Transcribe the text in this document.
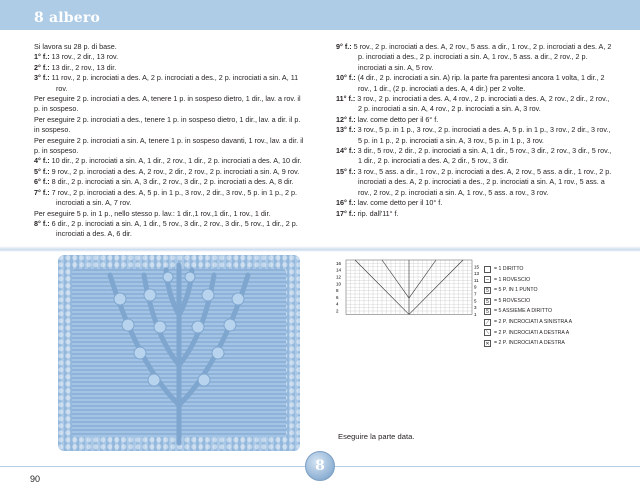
8 albero

Si lavora su 28 p. di base.

1° f.: 13 rov., 2 dir., 13 rov.

2° f.: 13 dir., 2 rov., 13 dir.

3° f.: 11 rov., 2 p. incrociati a des. A, 2 p. incrociati a des., 2 p. incrociati a sin. A, 11 rov.

Per eseguire 2 p. incrociati a des. A, tenere 1 p. in sospeso dietro, 1 dir., lav. a rov. il p. in sospeso.

Per eseguire 2 p. incrociati a des., tenere 1 p. in sospeso dietro, 1 dir., lav. a dir. il p. in sospeso.

Per eseguire 2 p. incrociati a sin. A, tenere 1 p. in sospeso davanti, 1 rov., lav. a dir. il p. in sospeso.

4° f.: 10 dir., 2 p. incrociati a sin. A, 1 dir., 2 rov., 1 dir., 2 p. incrociati a des. A, 10 dir.

5° f.: 9 rov., 2 p. incrociati a des. A, 2 rov., 2 dir., 2 rov., 2 p. incrociati a sin. A, 9 rov.

6° f.: 8 dir., 2 p. incrociati a sin. A, 3 dir., 2 rov., 3 dir., 2 p. incrociati a des. A, 8 dir.

7° f.: 7 rov., 2 p. incrociati a des. A, 5 p. in 1 p., 3 rov., 2 dir., 3 rov., 5 p. in 1 p., 2 p. incrociati a sin. A, 7 rov.

Per eseguire 5 p. in 1 p., nello stesso p. lav.: 1 dir.,1 rov.,1 dir., 1 rov., 1 dir.

8° f.: 6 dir., 2 p. incrociati a sin. A, 1 dir., 5 rov., 3 dir., 2 rov., 3 dir., 5 rov., 1 dir., 2 p. incrociati a des. A, 6 dir.

9° f.: 5 rov., 2 p. incrociati a des. A, 2 rov., 5 ass. a dir., 1 rov., 2 p. incrociati a des. A, 2 p. incrociati a des., 2 p. incrociati a sin. A, 1 rov., 5 ass. a dir., 2 rov., 2 p. incrociati a sin. A, 5 rov.

10° f.: (4 dir., 2 p. incrociati a sin. A) rip. la parte fra parentesi ancora 1 volta, 1 dir., 2 rov., 1 dir., (2 p. incrociati a des. A, 4 dir.) per 2 volte.

11° f.: 3 rov., 2 p. incrociati a des. A, 4 rov., 2 p. incrociati a des. A, 2 rov., 2 dir., 2 rov., 2 p. incrociati a sin. A, 4 rov., 2 p. incrociati a sin. A, 3 rov.

12° f.: lav. come detto per il 6° f.

13° f.: 3 rov., 5 p. in 1 p., 3 rov., 2 p. incrociati a des. A, 5 p. in 1 p., 3 rov., 2 dir., 3 rov., 5 p. in 1 p., 2 p. incrociati a sin. A, 3 rov., 5 p. in 1 p., 3 rov.

14° f.: 3 dir., 5 rov., 2 dir., 2 p. incrociati a sin. A, 1 dir., 5 rov., 3 dir., 2 rov., 3 dir., 5 rov., 1 dir., 2 p. incrociati a des. A, 2 dir., 5 rov., 3 dir.

15° f.: 3 rov., 5 ass. a dir., 1 rov., 2 p. incrociati a des. A, 2 rov., 5 ass. a dir., 1 rov., 2 p. incrociati a des. A, 2 p. incrociati a des., 2 p. incrociati a sin. A, 1 rov., 5 ass. a rov., 2 rov., 2 p. incrociati a sin. A, 1 rov., 5 ass. a rov., 3 rov.

16° f.: lav. come detto per il 10° f.

17° f.: rip. dall'11° f.

16
14
12
10
8
6
4
2
15
13
11
9
7
5
3
1
= 1 DIRITTO
– = 1 ROVESCIO
5 = 5 P. IN 1 PUNTO
5 = 5 ROVESCIO
5 = 5 ASSIEME A DIRITTO
⟋ = 2 P. INCROCIATI A SINISTRA A
⟍ = 2 P. INCROCIATI A DESTRA A
✕ = 2 P. INCROCIATI A DESTRA
Eseguire la parte data.
90
8
